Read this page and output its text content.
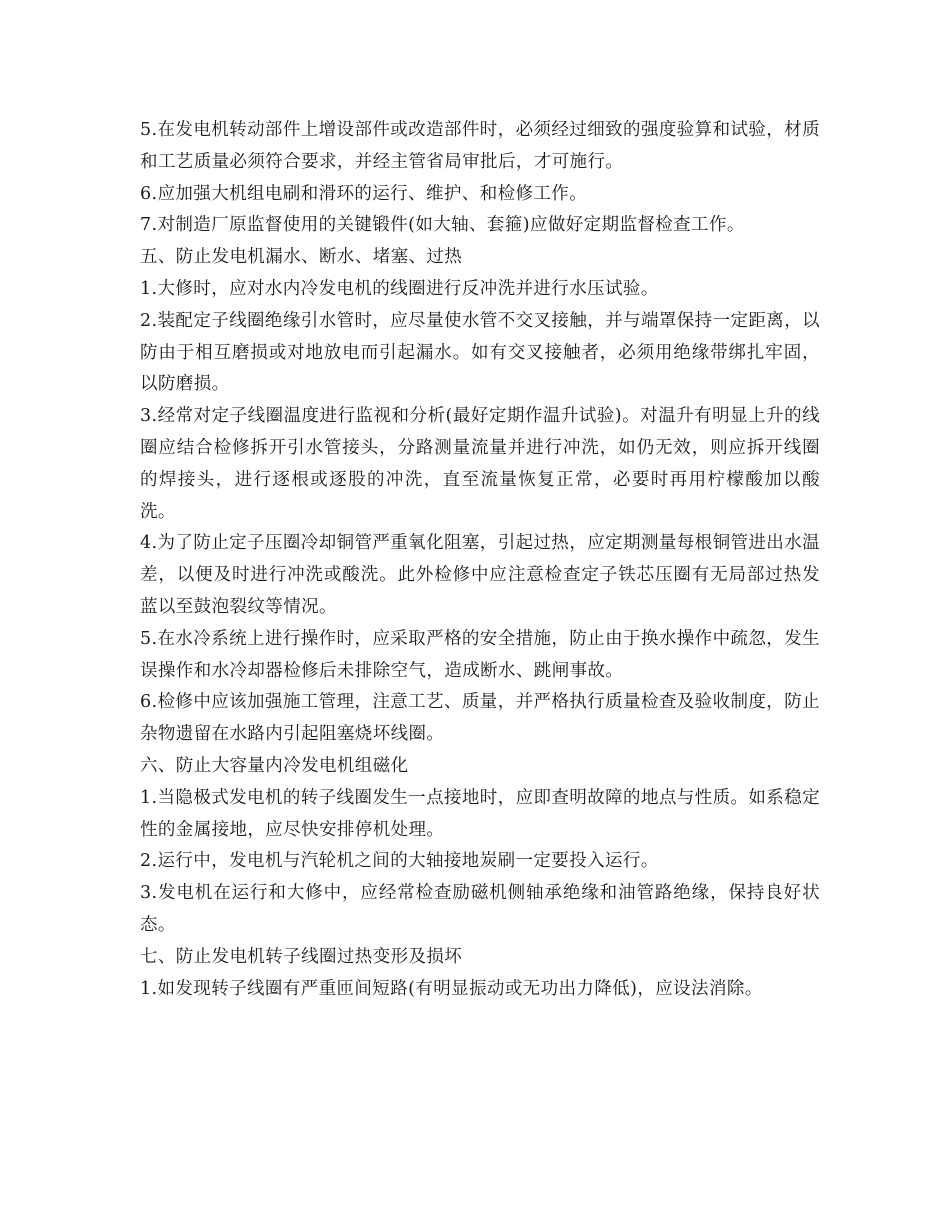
5.在发电机转动部件上增设部件或改造部件时，必须经过细致的强度验算和试验，材质和工艺质量必须符合要求，并经主管省局审批后，才可施行。

6.应加强大机组电刷和滑环的运行、维护、和检修工作。

7.对制造厂原监督使用的关键锻件(如大轴、套箍)应做好定期监督检查工作。

五、防止发电机漏水、断水、堵塞、过热

1.大修时，应对水内冷发电机的线圈进行反冲洗并进行水压试验。

2.装配定子线圈绝缘引水管时，应尽量使水管不交叉接触，并与端罩保持一定距离，以防由于相互磨损或对地放电而引起漏水。如有交叉接触者，必须用绝缘带绑扎牢固，以防磨损。

3.经常对定子线圈温度进行监视和分析(最好定期作温升试验)。对温升有明显上升的线圈应结合检修拆开引水管接头，分路测量流量并进行冲洗，如仍无效，则应拆开线圈的焊接头，进行逐根或逐股的冲洗，直至流量恢复正常，必要时再用柠檬酸加以酸洗。

4.为了防止定子压圈冷却铜管严重氧化阻塞，引起过热，应定期测量每根铜管进出水温差，以便及时进行冲洗或酸洗。此外检修中应注意检查定子铁芯压圈有无局部过热发蓝以至鼓泡裂纹等情况。

5.在水冷系统上进行操作时，应采取严格的安全措施，防止由于换水操作中疏忽，发生误操作和水冷却器检修后未排除空气，造成断水、跳闸事故。

6.检修中应该加强施工管理，注意工艺、质量，并严格执行质量检查及验收制度，防止杂物遗留在水路内引起阻塞烧坏线圈。

六、防止大容量内冷发电机组磁化

1.当隐极式发电机的转子线圈发生一点接地时，应即查明故障的地点与性质。如系稳定性的金属接地，应尽快安排停机处理。

2.运行中，发电机与汽轮机之间的大轴接地炭刷一定要投入运行。

3.发电机在运行和大修中，应经常检查励磁机侧轴承绝缘和油管路绝缘，保持良好状态。

七、防止发电机转子线圈过热变形及损坏

1.如发现转子线圈有严重匝间短路(有明显振动或无功出力降低)，应设法消除。
